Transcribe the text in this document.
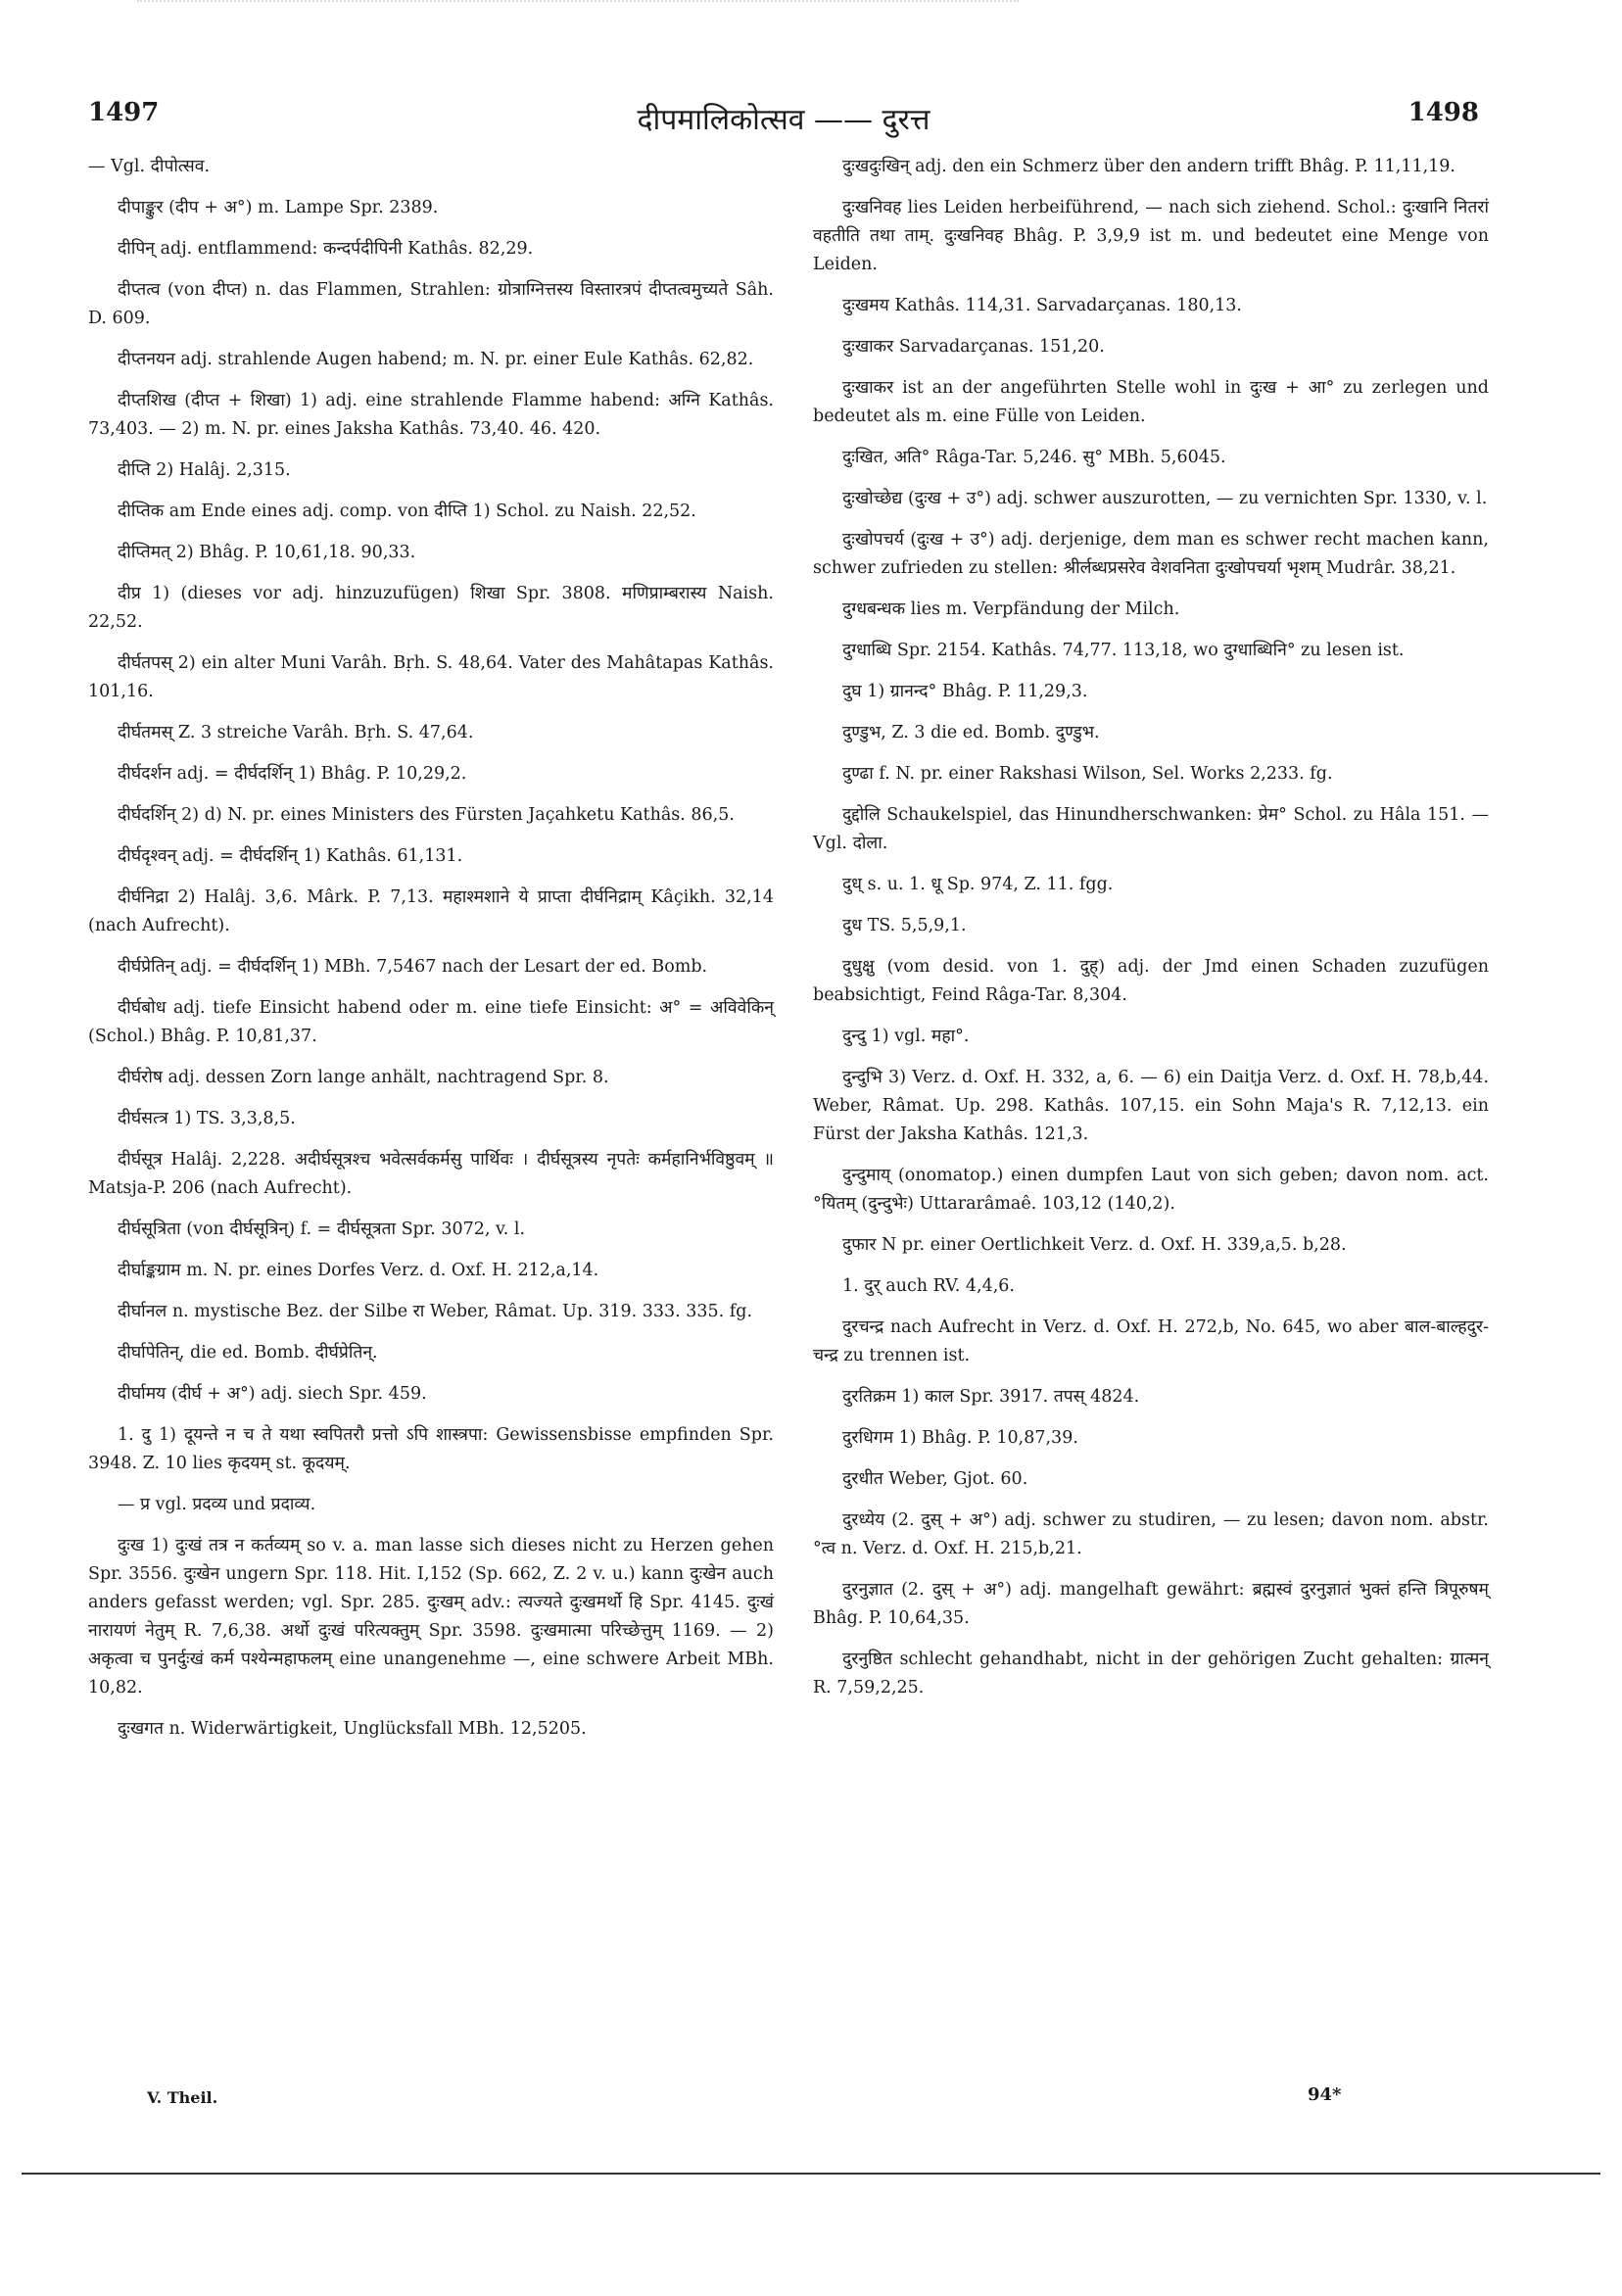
1497	दीपमालिकोत्सव —— दुरत्त	1498

— Vgl. दीपोत्सव.

दीपाङ्कुर (दीप + अ°) m. Lampe Spr. 2389.

दीपिन् adj. entflammend: कन्दर्पदीपिनी Kathâs. 82,29.

दीप्तत्व (von दीप्त) n. das Flammen, Strahlen: ग्रोत्राग्नित्तस्य विस्तारत्रपं दीप्तत्वमुच्यते Sâh. D. 609.

दीप्तनयन adj. strahlende Augen habend; m. N. pr. einer Eule Kathâs. 62,82.

दीप्तशिख (दीप्त + शिखा) 1) adj. eine strahlende Flamme habend: अग्नि Kathâs. 73,403. — 2) m. N. pr. eines Jaksha Kathâs. 73,40. 46. 420.

दीप्ति 2) Halâj. 2,315.

दीप्तिक am Ende eines adj. comp. von दीप्ति 1) Schol. zu Naish. 22,52.

दीप्तिमत् 2) Bhâg. P. 10,61,18. 90,33.

दीप्र 1) (dieses vor adj. hinzuzufügen) शिखा Spr. 3808. मणिप्राम्बरास्य Naish. 22,52.

दीर्घतपस् 2) ein alter Muni Varâh. Bṛh. S. 48,64. Vater des Mahâtapas Kathâs. 101,16.

दीर्घतमस् Z. 3 streiche Varâh. Bṛh. S. 47,64.

दीर्घदर्शन adj. = दीर्घदर्शिन् 1) Bhâg. P. 10,29,2.

दीर्घदर्शिन् 2) d) N. pr. eines Ministers des Fürsten Jaçahketu Kathâs. 86,5.

दीर्घदृश्वन् adj. = दीर्घदर्शिन् 1) Kathâs. 61,131.

दीर्घनिद्रा 2) Halâj. 3,6. Mârk. P. 7,13. महाश्मशाने ये प्राप्ता दीर्घनिद्राम् Kâçikh. 32,14 (nach Aufrecht).

दीर्घप्रेतिन् adj. = दीर्घदर्शिन् 1) MBh. 7,5467 nach der Lesart der ed. Bomb.

दीर्घबोध adj. tiefe Einsicht habend oder m. eine tiefe Einsicht: अ° = अविवेकिन् (Schol.) Bhâg. P. 10,81,37.

दीर्घरोष adj. dessen Zorn lange anhält, nachtragend Spr. 8.

दीर्घसत्त्र 1) TS. 3,3,8,5.

दीर्घसूत्र Halâj. 2,228. अदीर्घसूत्रश्च भवेत्सर्वकर्मसु पार्थिवः । दीर्घसूत्रस्य नृपतेः कर्महानिर्भविष्ठुवम् ॥ Matsja-P. 206 (nach Aufrecht).

दीर्घसूत्रिता (von दीर्घसूत्रिन्) f. = दीर्घसूत्रता Spr. 3072, v. l.

दीर्घाङ्कग्राम m. N. pr. eines Dorfes Verz. d. Oxf. H. 212,a,14.

दीर्घानल n. mystische Bez. der Silbe रा Weber, Râmat. Up. 319. 333. 335. fg.

दीर्घापेतिन्, die ed. Bomb. दीर्घप्रेतिन्.

दीर्घामय (दीर्घ + अ°) adj. siech Spr. 459.

1. दु 1) दूयन्ते न च ते यथा स्वपितरौ प्रत्तो ऽपि शास्त्रपा: Gewissensbisse empfinden Spr. 3948. Z. 10 lies कृदयम् st. कूदयम्.

— प्र vgl. प्रदव्य und प्रदाव्य.

दुःख 1) दुःखं तत्र न कर्तव्यम् so v. a. man lasse sich dieses nicht zu Herzen gehen Spr. 3556. दुःखेन ungern Spr. 118. Hit. I,152 (Sp. 662, Z. 2 v. u.) kann दुःखेन auch anders gefasst werden; vgl. Spr. 285. दुःखम् adv.: त्यज्यते दुःखमर्थो हि Spr. 4145. दुःखं नारायणं नेतुम् R. 7,6,38. अर्थो दुःखं परित्यक्तुम् Spr. 3598. दुःखमात्मा परिच्छेत्तुम् 1169. — 2) अकृत्वा च पुनर्दुःखं कर्म पश्येन्महाफलम् eine unangenehme —, eine schwere Arbeit MBh. 10,82.

दुःखगत n. Widerwärtigkeit, Unglücksfall MBh. 12,5205.

दुःखदुःखिन् adj. den ein Schmerz über den andern trifft Bhâg. P. 11,11,19.

दुःखनिवह lies Leiden herbeiführend, — nach sich ziehend. Schol.: दुःखानि नितरां वहतीति तथा ताम्. दुःखनिवह Bhâg. P. 3,9,9 ist m. und bedeutet eine Menge von Leiden.

दुःखमय Kathâs. 114,31. Sarvadarçanas. 180,13.

दुःखाकर Sarvadarçanas. 151,20.

दुःखाकर ist an der angeführten Stelle wohl in दुःख + आ° zu zerlegen und bedeutet als m. eine Fülle von Leiden.

दुःखित, अति° Râga-Tar. 5,246. सु° MBh. 5,6045.

दुःखोच्छेद्य (दुःख + उ°) adj. schwer auszurotten, — zu vernichten Spr. 1330, v. l.

दुःखोपचर्य (दुःख + उ°) adj. derjenige, dem man es schwer recht machen kann, schwer zufrieden zu stellen: श्रीर्लब्धप्रसरेव वेशवनिता दुःखोपचर्या भृशम् Mudrâr. 38,21.

दुग्धबन्धक lies m. Verpfändung der Milch.

दुग्धाब्धि Spr. 2154. Kathâs. 74,77. 113,18, wo दुग्धाब्धिनि° zu lesen ist.

दुघ 1) ग्रानन्द° Bhâg. P. 11,29,3.

दुण्डुभ, Z. 3 die ed. Bomb. दुण्डुभ.

दुण्ढा f. N. pr. einer Rakshasi Wilson, Sel. Works 2,233. fg.

दुद्दोलि Schaukelspiel, das Hinundherschwanken: प्रेम° Schol. zu Hâla 151. — Vgl. दोला.

दुध् s. u. 1. धू Sp. 974, Z. 11. fgg.

दुध TS. 5,5,9,1.

दुधुक्षु (vom desid. von 1. दुह्) adj. der Jmd einen Schaden zuzufügen beabsichtigt, Feind Râga-Tar. 8,304.

दुन्दु 1) vgl. महा°.

दुन्दुभि 3) Verz. d. Oxf. H. 332, a, 6. — 6) ein Daitja Verz. d. Oxf. H. 78,b,44. Weber, Râmat. Up. 298. Kathâs. 107,15. ein Sohn Maja's R. 7,12,13. ein Fürst der Jaksha Kathâs. 121,3.

दुन्दुमाय् (onomatop.) einen dumpfen Laut von sich geben; davon nom. act. °यितम् (दुन्दुभेः) Uttararâmaê. 103,12 (140,2).

दुफार N pr. einer Oertlichkeit Verz. d. Oxf. H. 339,a,5. b,28.

1. दुर् auch RV. 4,4,6.

दुरचन्द्र nach Aufrecht in Verz. d. Oxf. H. 272,b, No. 645, wo aber बाल-बाल्हदुर-चन्द्र zu trennen ist.

दुरतिक्रम 1) काल Spr. 3917. तपस् 4824.

दुरधिगम 1) Bhâg. P. 10,87,39.

दुरधीत Weber, Gjot. 60.

दुरध्येय (2. दुस् + अ°) adj. schwer zu studiren, — zu lesen; davon nom. abstr. °त्व n. Verz. d. Oxf. H. 215,b,21.

दुरनुज्ञात (2. दुस् + अ°) adj. mangelhaft gewährt: ब्रह्मस्वं दुरनुज्ञातं भुक्तं हन्ति त्रिपूरुषम् Bhâg. P. 10,64,35.

दुरनुष्ठित schlecht gehandhabt, nicht in der gehörigen Zucht gehalten: ग्रात्मन् R. 7,59,2,25.

V. Theil.	94*
